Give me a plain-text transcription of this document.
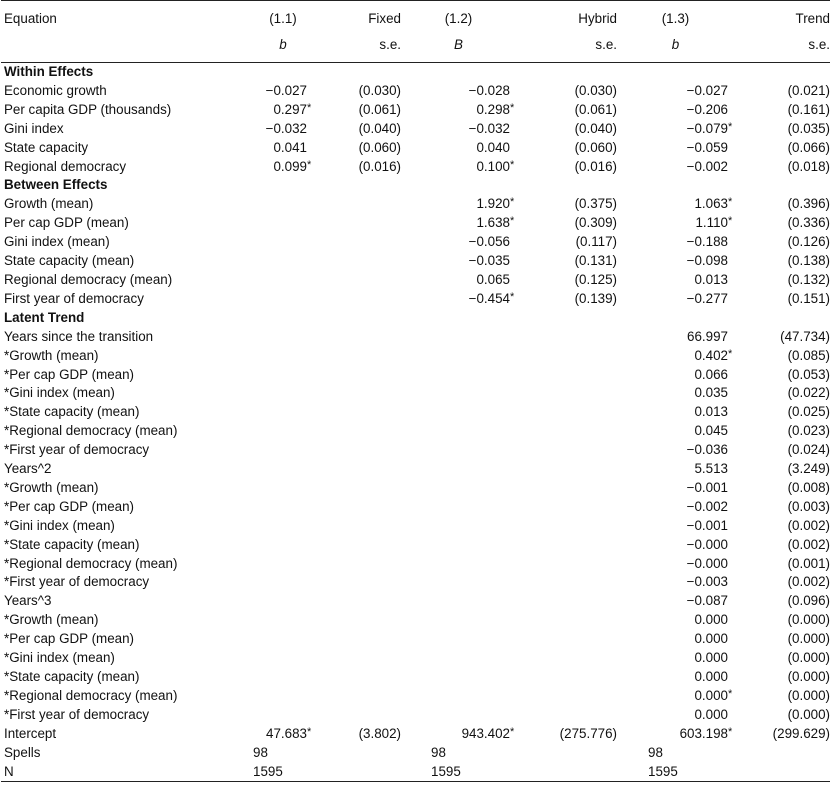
Equation	(1.1)	Fixed	(1.2)	Hybrid	(1.3)	Trend
	b	s.e.	B	s.e.	b	s.e.
Within Effects						
Economic growth	−0.027	(0.030)	−0.028	(0.030)	−0.027	(0.021)
Per capita GDP (thousands)	0.297*	(0.061)	0.298*	(0.061)	−0.206	(0.161)
Gini index	−0.032	(0.040)	−0.032	(0.040)	−0.079*	(0.035)
State capacity	0.041	(0.060)	0.040	(0.060)	−0.059	(0.066)
Regional democracy	0.099*	(0.016)	0.100*	(0.016)	−0.002	(0.018)
Between Effects						
Growth (mean)			1.920*	(0.375)	1.063*	(0.396)
Per cap GDP (mean)			1.638*	(0.309)	1.110*	(0.336)
Gini index (mean)			−0.056	(0.117)	−0.188	(0.126)
State capacity (mean)			−0.035	(0.131)	−0.098	(0.138)
Regional democracy (mean)			0.065	(0.125)	0.013	(0.132)
First year of democracy			−0.454*	(0.139)	−0.277	(0.151)
Latent Trend						
Years since the transition					66.997	(47.734)
*Growth (mean)					0.402*	(0.085)
*Per cap GDP (mean)					0.066	(0.053)
*Gini index (mean)					0.035	(0.022)
*State capacity (mean)					0.013	(0.025)
*Regional democracy (mean)					0.045	(0.023)
*First year of democracy					−0.036	(0.024)
Years^2					5.513	(3.249)
*Growth (mean)					−0.001	(0.008)
*Per cap GDP (mean)					−0.002	(0.003)
*Gini index (mean)					−0.001	(0.002)
*State capacity (mean)					−0.000	(0.002)
*Regional democracy (mean)					−0.000	(0.001)
*First year of democracy					−0.003	(0.002)
Years^3					−0.087	(0.096)
*Growth (mean)					0.000	(0.000)
*Per cap GDP (mean)					0.000	(0.000)
*Gini index (mean)					0.000	(0.000)
*State capacity (mean)					0.000	(0.000)
*Regional democracy (mean)					0.000*	(0.000)
*First year of democracy					0.000	(0.000)
Intercept	47.683*	(3.802)	943.402*	(275.776)	603.198*	(299.629)
Spells	98		98		98	
N	1595		1595		1595	
